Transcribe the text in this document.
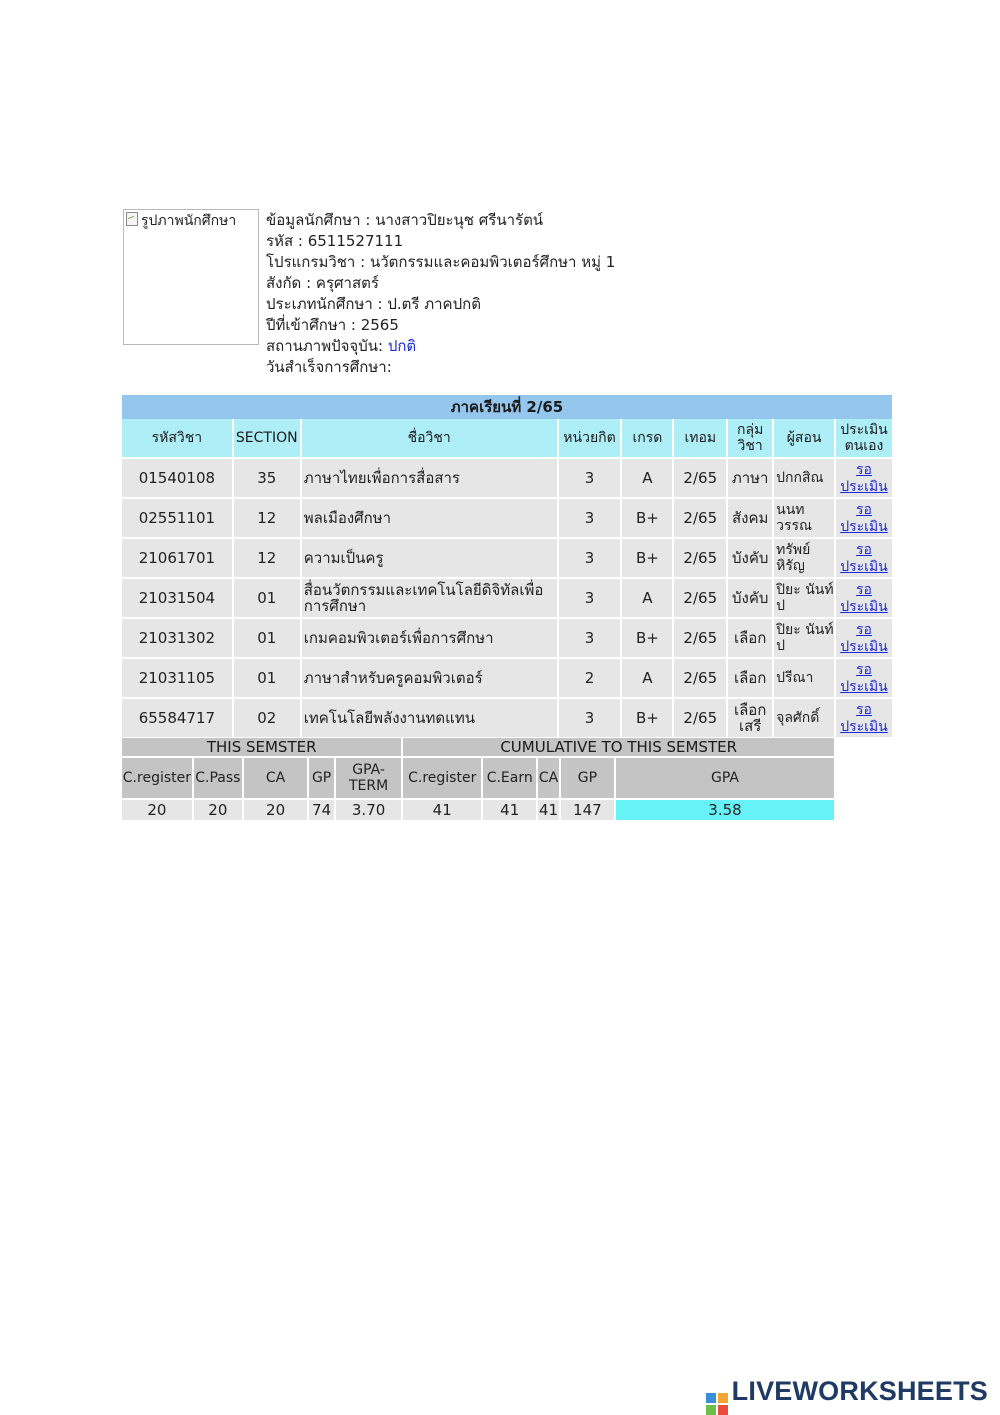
รูปภาพนักศึกษา	ข้อมูลนักศึกษา : นางสาวปิยะนุช ศรีนารัตน์
รหัส : 6511527111
โปรแกรมวิชา : นวัตกรรมและคอมพิวเตอร์ศึกษา หมู่ 1
สังกัด : ครุศาสตร์
ประเภทนักศึกษา : ป.ตรี ภาคปกติ
ปีที่เข้าศึกษา : 2565
สถานภาพปัจจุบัน: ปกติ
วันสำเร็จการศึกษา:
ภาคเรียนที่ 2/65								
รหัสวิชา	SECTION	ชื่อวิชา	หน่วยกิต	เกรด	เทอม	กลุ่ม วิชา	ผู้สอน	ประเมิน ตนเอง
01540108	35	ภาษาไทยเพื่อการสื่อสาร	3	A	2/65	ภาษา	ปกกสิณ	รอ
ประเมิน
02551101	12	พลเมืองศึกษา	3	B+	2/65	สังคม	นนท วรรณ	รอ
ประเมิน
21061701	12	ความเป็นครู	3	B+	2/65	บังคับ	ทรัพย์ หิรัญ	รอ
ประเมิน
21031504	01	สื่อนวัตกรรมและเทคโนโลยีดิจิทัลเพื่อการศึกษา	3	A	2/65	บังคับ	ปิยะ นันท์ ป	รอ
ประเมิน
21031302	01	เกมคอมพิวเตอร์เพื่อการศึกษา	3	B+	2/65	เลือก	ปิยะ นันท์ ป	รอ
ประเมิน
21031105	01	ภาษาสำหรับครูคอมพิวเตอร์	2	A	2/65	เลือก	ปรีณา	รอ
ประเมิน
65584717	02	เทคโนโลยีพลังงานทดแทน	3	B+	2/65	เลือก เสรี	จุลศักดิ์	รอ
ประเมิน
THIS SEMSTER					CUMULATIVE TO THIS SEMSTER				
C.register	C.Pass	CA	GP	GPA- TERM	C.register	C.Earn	CA	GP	GPA
20	20	20	74	3.70	41	41	41	147	3.58
LIVEWORKSHEETS
